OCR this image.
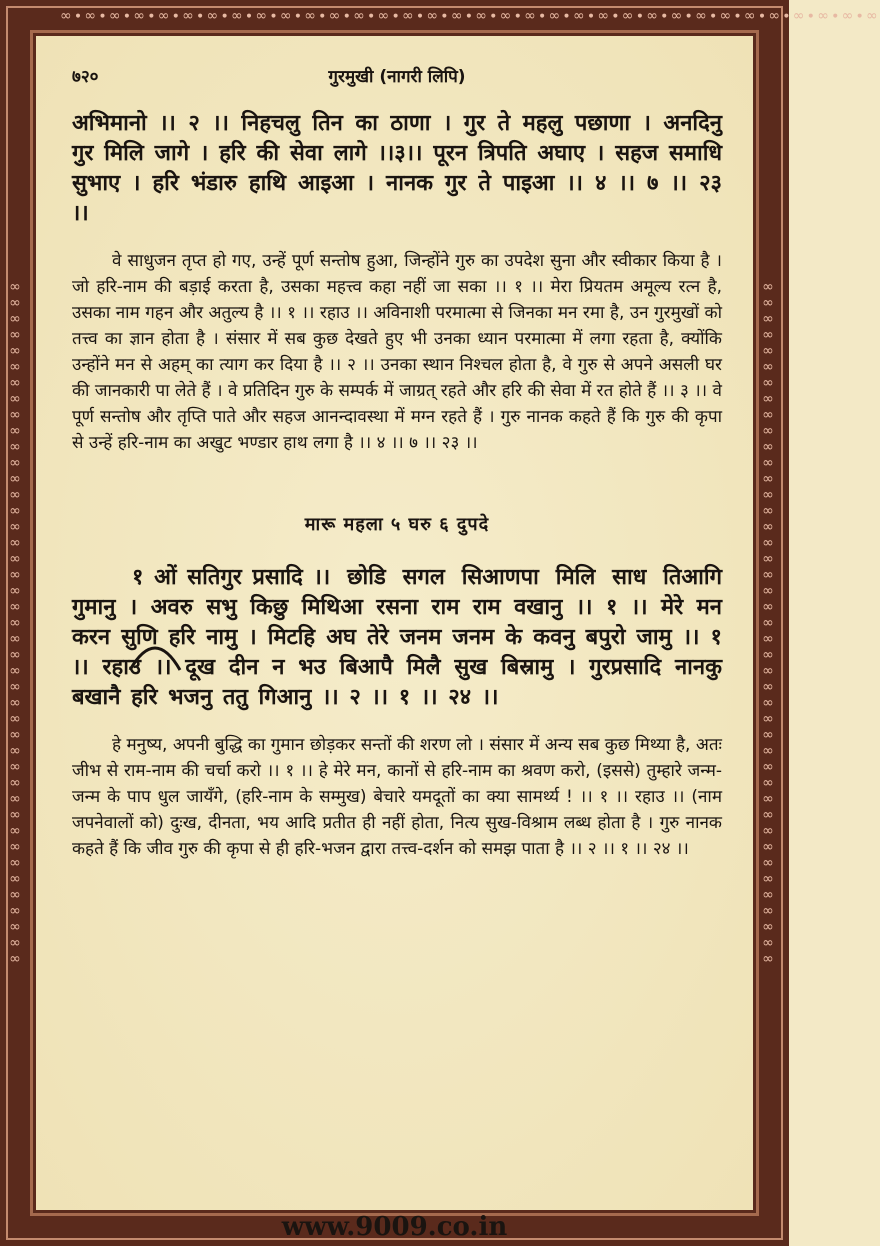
∞∙∞∙∞∙∞∙∞∙∞∙∞∙∞∙∞∙∞∙∞∙∞∙∞∙∞∙∞∙∞∙∞∙∞∙∞∙∞∙∞∙∞∙∞∙∞∙∞∙∞∙∞∙∞∙∞∙∞∙∞∙∞∙∞∙∞
∞∞∞∞∞∞∞∞∞∞∞∞∞∞∞∞∞∞∞∞∞∞∞∞∞∞∞∞∞∞∞∞∞∞∞∞∞∞∞∞∞∞∞	∞∞∞∞∞∞∞∞∞∞∞∞∞∞∞∞∞∞∞∞∞∞∞∞∞∞∞∞∞∞∞∞∞∞∞∞∞∞∞∞∞∞∞
७२०	गुरमुखी (नागरी लिपि)

अभिमानो ।। २ ।। निहचलु तिन का ठाणा । गुर ते महलु पछाणा । अनदिनु गुर मिलि जागे । हरि की सेवा लागे ।।३।। पूरन त्रिपति अघाए । सहज समाधि सुभाए । हरि भंडारु हाथि आइआ । नानक गुर ते पाइआ ।। ४ ।। ७ ।। २३ ।।

वे साधुजन तृप्त हो गए, उन्हें पूर्ण सन्तोष हुआ, जिन्होंने गुरु का उपदेश सुना और स्वीकार किया है । जो हरि-नाम की बड़ाई करता है, उसका महत्त्व कहा नहीं जा सका ।। १ ।। मेरा प्रियतम अमूल्य रत्न है, उसका नाम गहन और अतुल्य है ।। १ ।। रहाउ ।। अविनाशी परमात्मा से जिनका मन रमा है, उन गुरमुखों को तत्त्व का ज्ञान होता है । संसार में सब कुछ देखते हुए भी उनका ध्यान परमात्मा में लगा रहता है, क्योंकि उन्होंने मन से अहम् का त्याग कर दिया है ।। २ ।। उनका स्थान निश्चल होता है, वे गुरु से अपने असली घर की जानकारी पा लेते हैं । वे प्रतिदिन गुरु के सम्पर्क में जाग्रत् रहते और हरि की सेवा में रत होते हैं ।। ३ ।। वे पूर्ण सन्तोष और तृप्ति पाते और सहज आनन्दावस्था में मग्न रहते हैं । गुरु नानक कहते हैं कि गुरु की कृपा से उन्हें हरि-नाम का अखुट भण्डार हाथ लगा है ।। ४ ।। ७ ।। २३ ।।

मारू महला ५ घरु ६ दुपदे

१ ओं सतिगुर प्रसादि ।। छोडि सगल सिआणपा मिलि साध तिआगि गुमानु । अवरु सभु किछु मिथिआ रसना राम राम वखानु ।। १ ।। मेरे मन करन सुणि हरि नामु । मिटहि अघ तेरे जनम जनम के कवनु बपुरो जामु ।। १ ।। रहाउ ।। दूख दीन न भउ बिआपै मिलै सुख बिस्रामु । गुरप्रसादि नानकु बखानै हरि भजनु ततु गिआनु ।। २ ।। १ ।। २४ ।।

हे मनुष्य, अपनी बुद्धि का गुमान छोड़कर सन्तों की शरण लो । संसार में अन्य सब कुछ मिथ्या है, अतः जीभ से राम-नाम की चर्चा करो ।। १ ।। हे मेरे मन, कानों से हरि-नाम का श्रवण करो, (इससे) तुम्हारे जन्म-जन्म के पाप धुल जायँगे, (हरि-नाम के सम्मुख) बेचारे यमदूतों का क्या सामर्थ्य ! ।। १ ।। रहाउ ।। (नाम जपनेवालों को) दुःख, दीनता, भय आदि प्रतीत ही नहीं होता, नित्य सुख-विश्राम लब्ध होता है । गुरु नानक कहते हैं कि जीव गुरु की कृपा से ही हरि-भजन द्वारा तत्त्व-दर्शन को समझ पाता है ।। २ ।। १ ।। २४ ।।

www.9009.co.in
